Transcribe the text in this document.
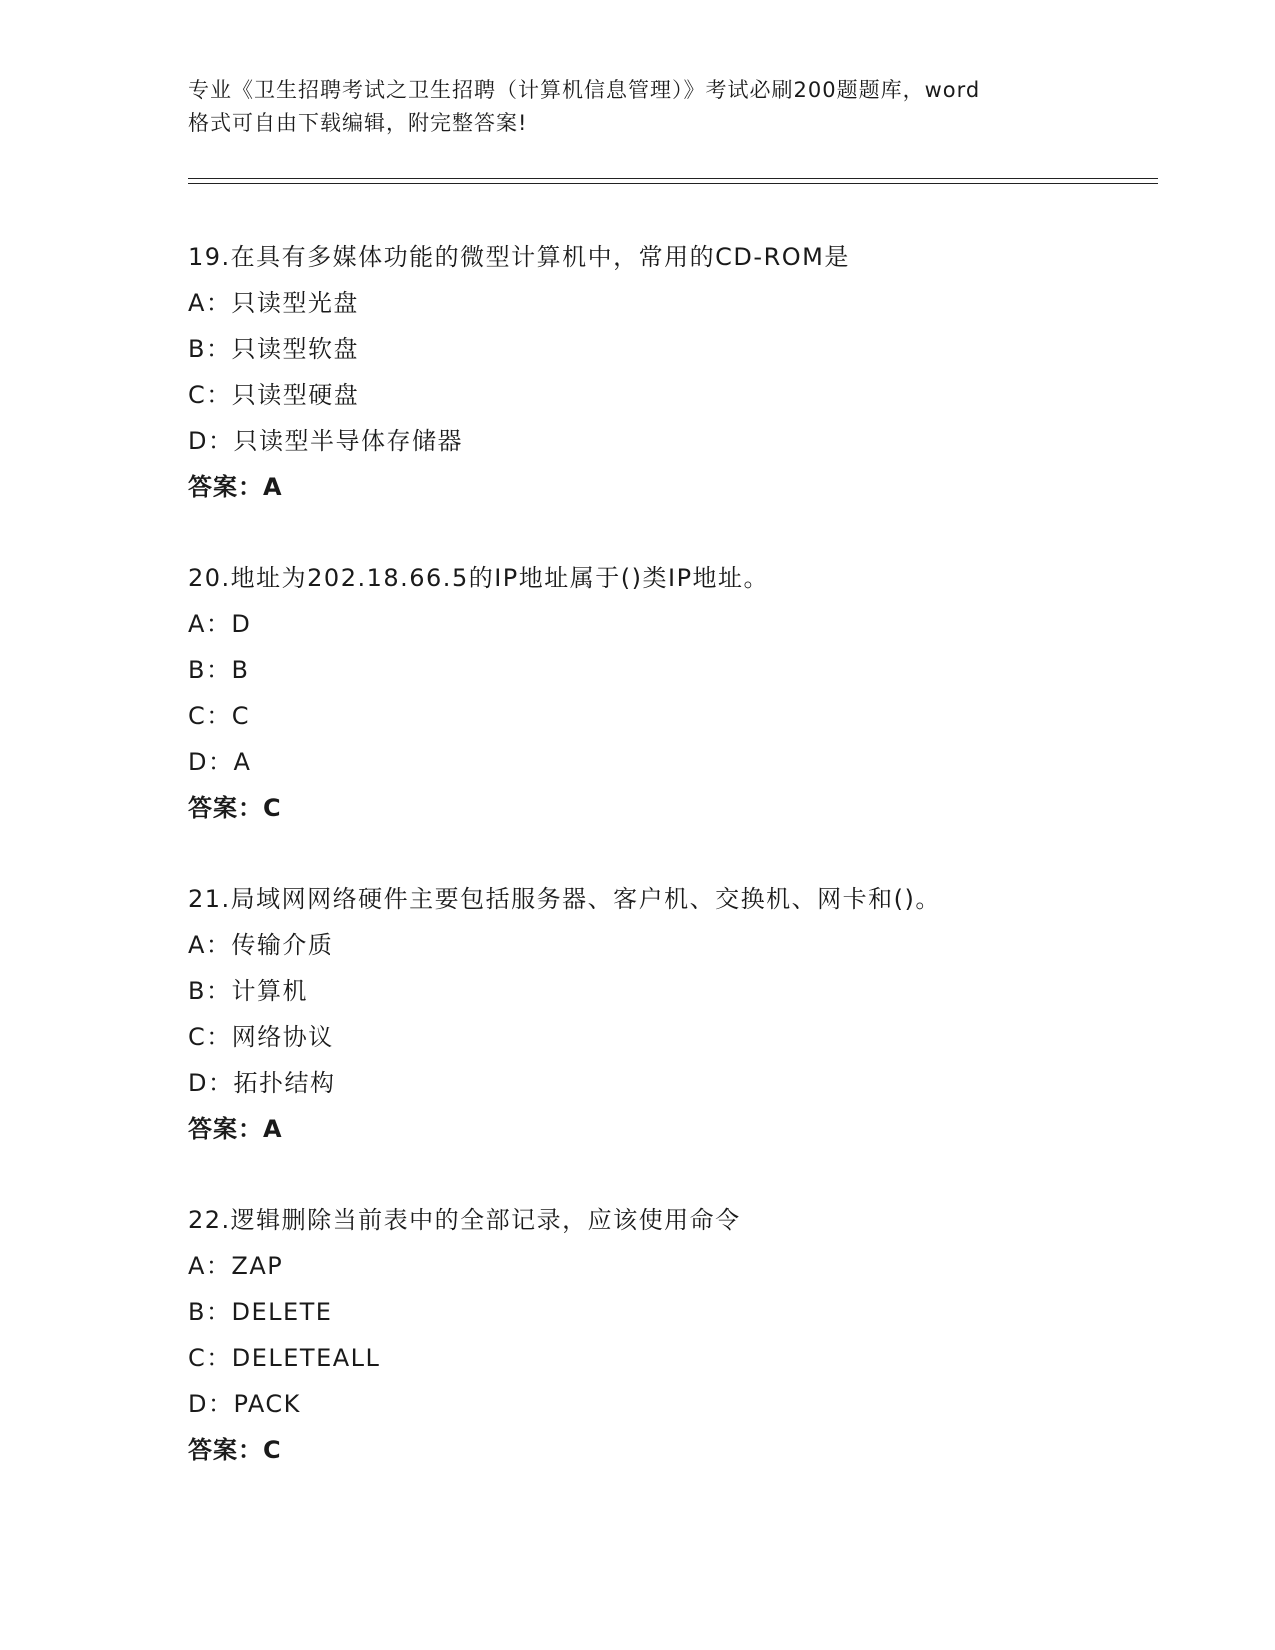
专业《卫生招聘考试之卫生招聘（计算机信息管理）》考试必刷200题题库，word
格式可自由下载编辑，附完整答案!
19.在具有多媒体功能的微型计算机中，常用的CD-ROM是
A：只读型光盘
B：只读型软盘
C：只读型硬盘
D：只读型半导体存储器
答案：A
20.地址为202.18.66.5的IP地址属于()类IP地址。
A：D
B：B
C：C
D：A
答案：C
21.局域网网络硬件主要包括服务器、客户机、交换机、网卡和()。
A：传输介质
B：计算机
C：网络协议
D：拓扑结构
答案：A
22.逻辑删除当前表中的全部记录，应该使用命令
A：ZAP
B：DELETE
C：DELETEALL
D：PACK
答案：C
